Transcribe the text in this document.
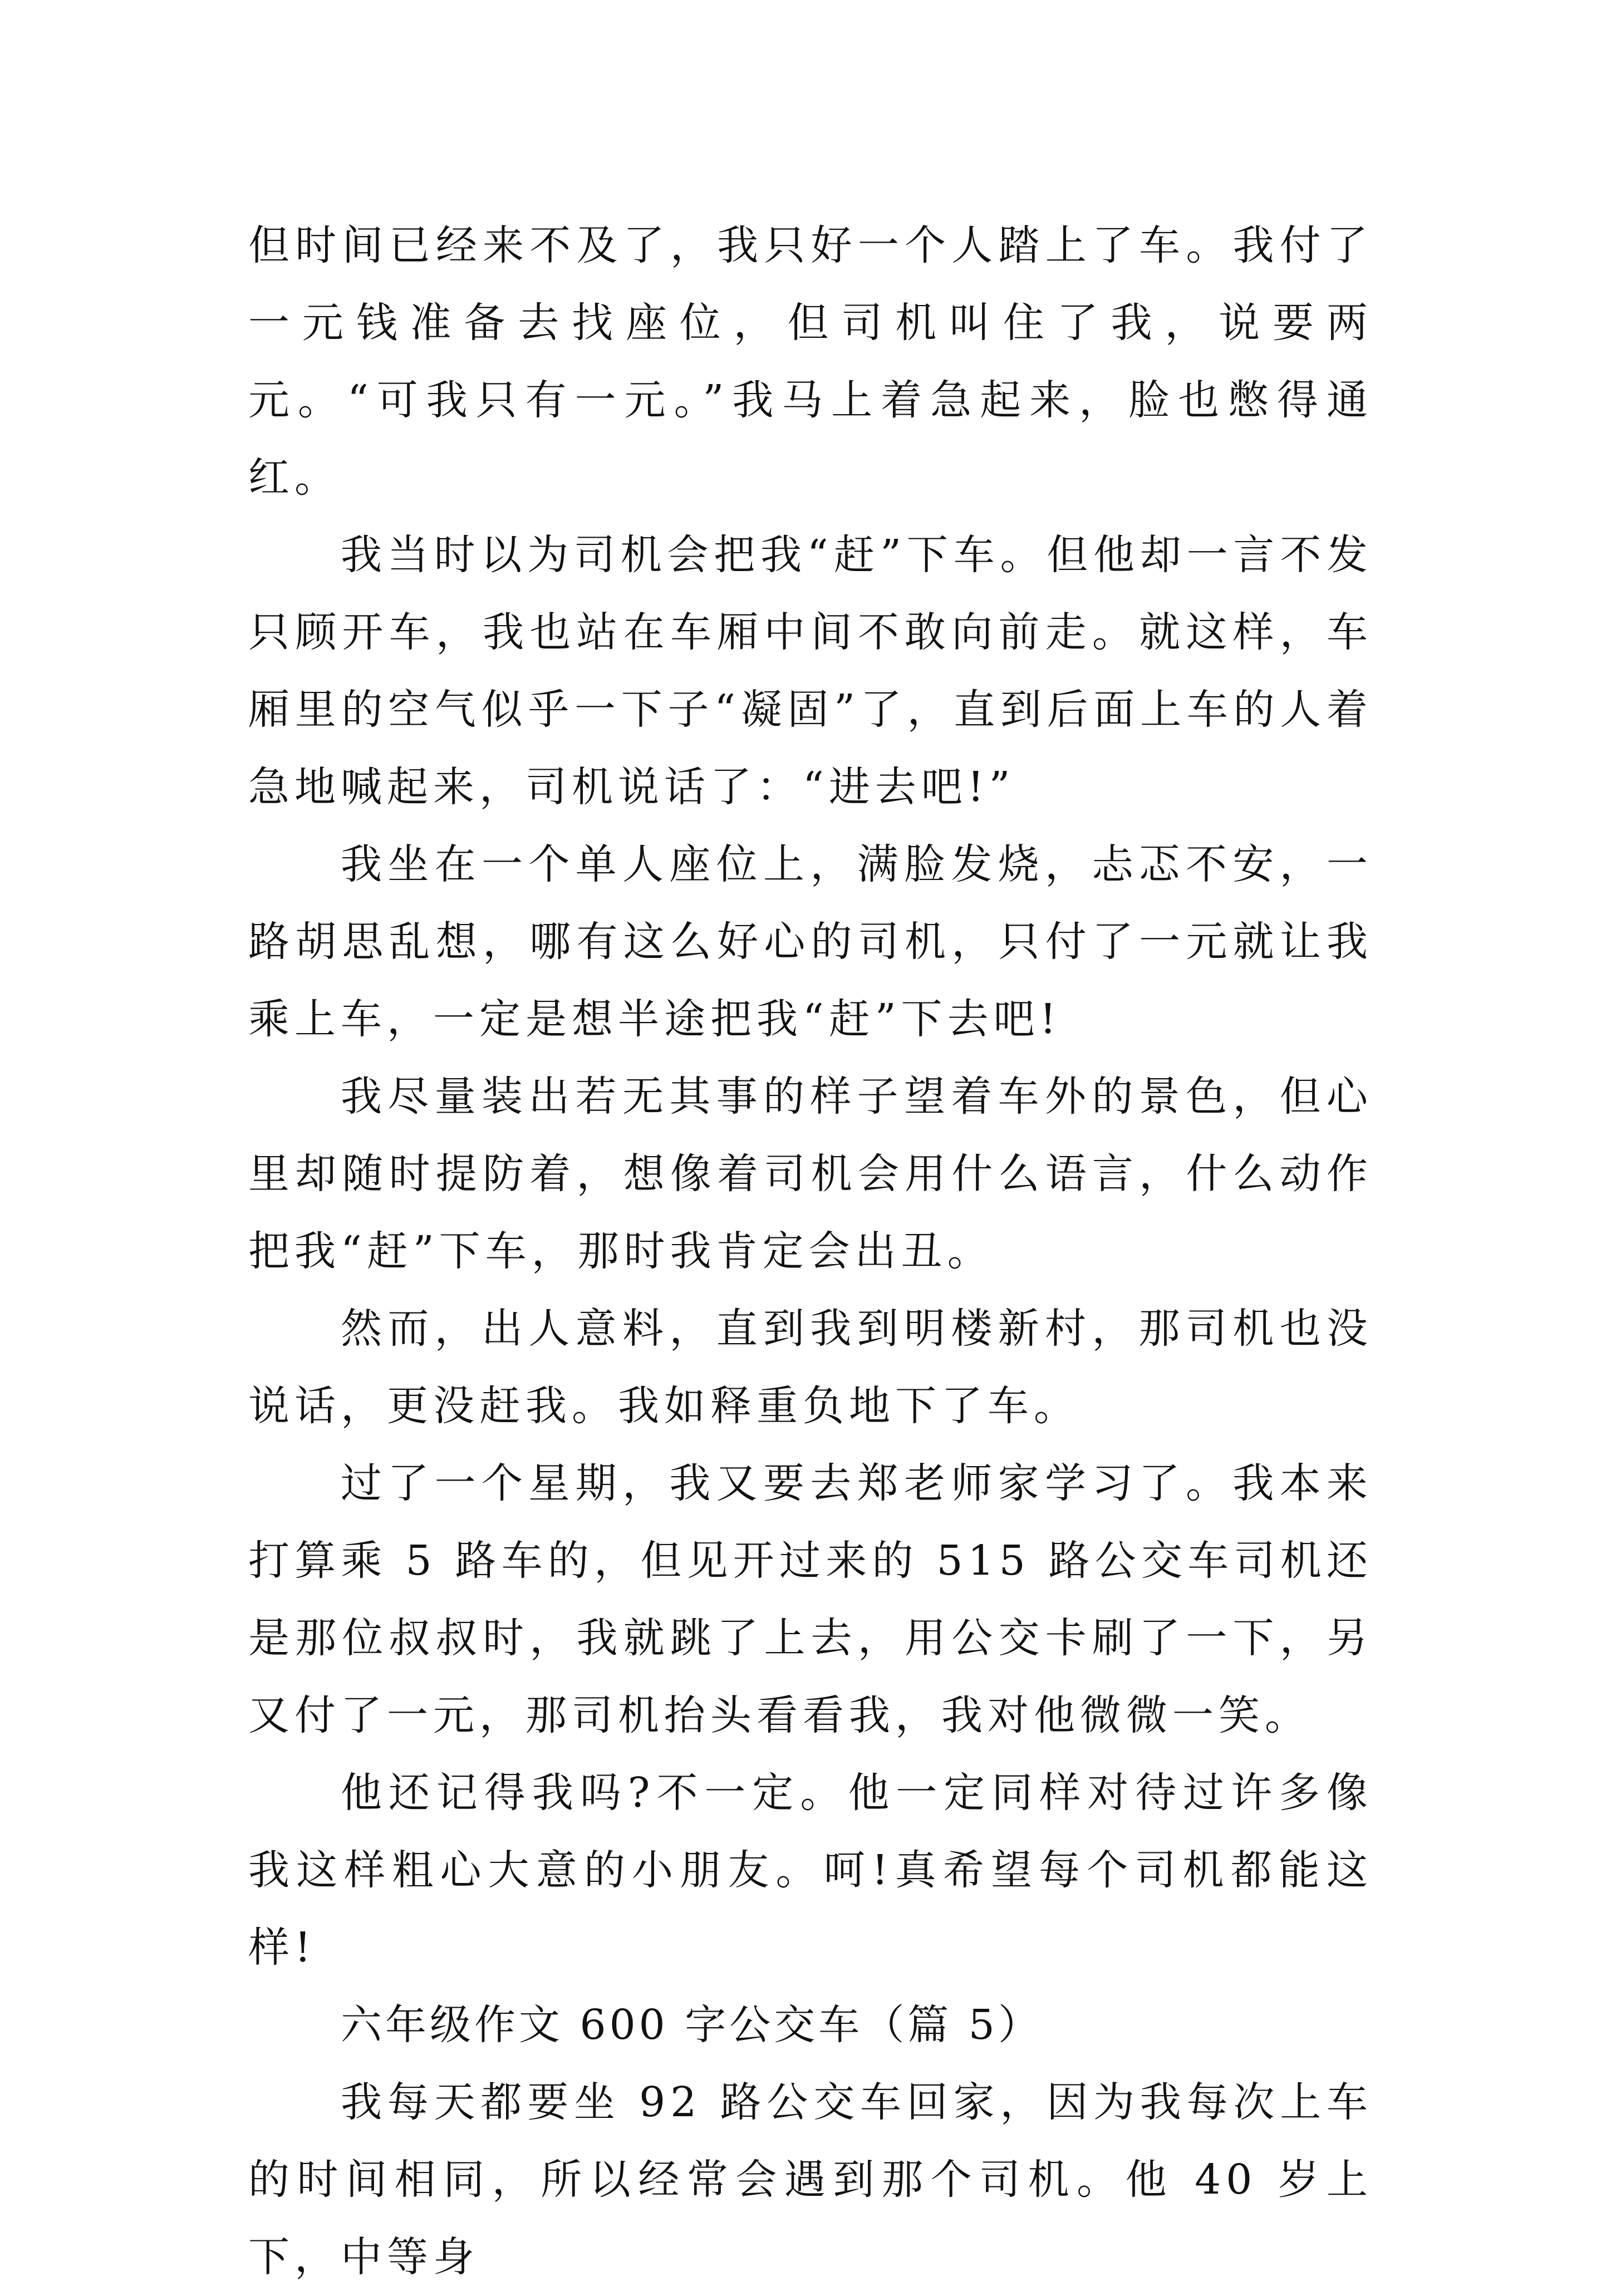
但时间已经来不及了，我只好一个人踏上了车。我付了一元钱准备去找座位，但司机叫住了我，说要两元。“可我只有一元。”我马上着急起来，脸也憋得通红。

我当时以为司机会把我“赶”下车。但他却一言不发只顾开车，我也站在车厢中间不敢向前走。就这样，车厢里的空气似乎一下子“凝固”了，直到后面上车的人着急地喊起来，司机说话了：“进去吧!”

我坐在一个单人座位上，满脸发烧，忐忑不安，一路胡思乱想，哪有这么好心的司机，只付了一元就让我乘上车，一定是想半途把我“赶”下去吧!

我尽量装出若无其事的样子望着车外的景色，但心里却随时提防着，想像着司机会用什么语言，什么动作把我“赶”下车，那时我肯定会出丑。

然而，出人意料，直到我到明楼新村，那司机也没说话，更没赶我。我如释重负地下了车。

过了一个星期，我又要去郑老师家学习了。我本来打算乘 5 路车的，但见开过来的 515 路公交车司机还是那位叔叔时，我就跳了上去，用公交卡刷了一下，另又付了一元，那司机抬头看看我，我对他微微一笑。

他还记得我吗?不一定。他一定同样对待过许多像我这样粗心大意的小朋友。呵!真希望每个司机都能这样!

六年级作文 600 字公交车（篇 5）

我每天都要坐 92 路公交车回家，因为我每次上车的时间相同，所以经常会遇到那个司机。他 40 岁上下，中等身
